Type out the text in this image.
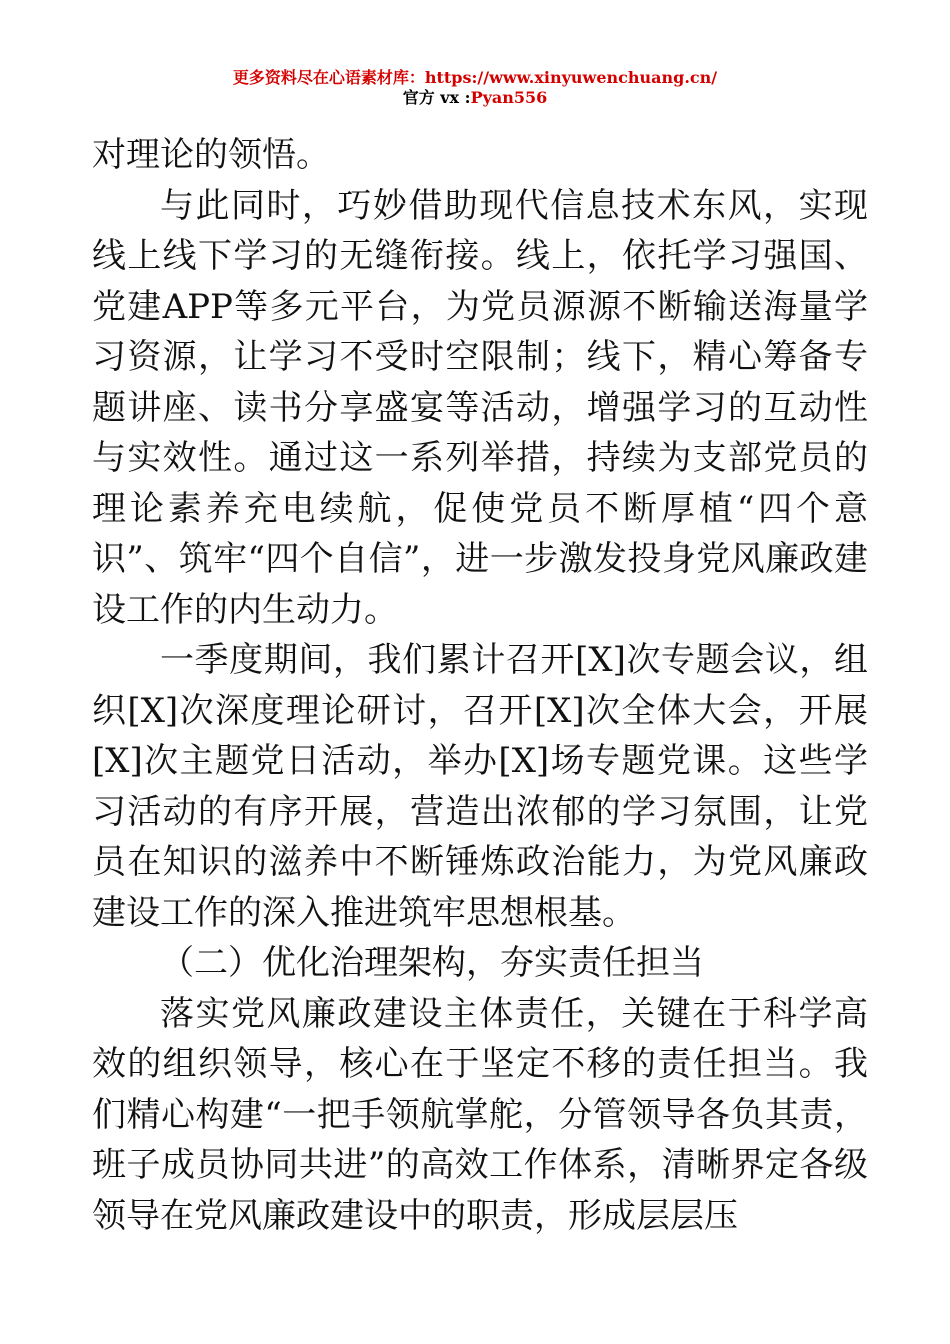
更多资料尽在心语素材库：https://www.xinyuwenchuang.cn/
官方 vx :Pyan556

对理论的领悟。

与此同时，巧妙借助现代信息技术东风，实现线上线下学习的无缝衔接。线上，依托学习强国、党建APP等多元平台，为党员源源不断输送海量学习资源，让学习不受时空限制；线下，精心筹备专题讲座、读书分享盛宴等活动，增强学习的互动性与实效性。通过这一系列举措，持续为支部党员的理论素养充电续航，促使党员不断厚植“四个意识”、筑牢“四个自信”，进一步激发投身党风廉政建设工作的内生动力。

一季度期间，我们累计召开[X]次专题会议，组织[X]次深度理论研讨，召开[X]次全体大会，开展[X]次主题党日活动，举办[X]场专题党课。这些学习活动的有序开展，营造出浓郁的学习氛围，让党员在知识的滋养中不断锤炼政治能力，为党风廉政建设工作的深入推进筑牢思想根基。

（二）优化治理架构，夯实责任担当

落实党风廉政建设主体责任，关键在于科学高效的组织领导，核心在于坚定不移的责任担当。我们精心构建“一把手领航掌舵，分管领导各负其责，班子成员协同共进”的高效工作体系，清晰界定各级领导在党风廉政建设中的职责，形成层层压
